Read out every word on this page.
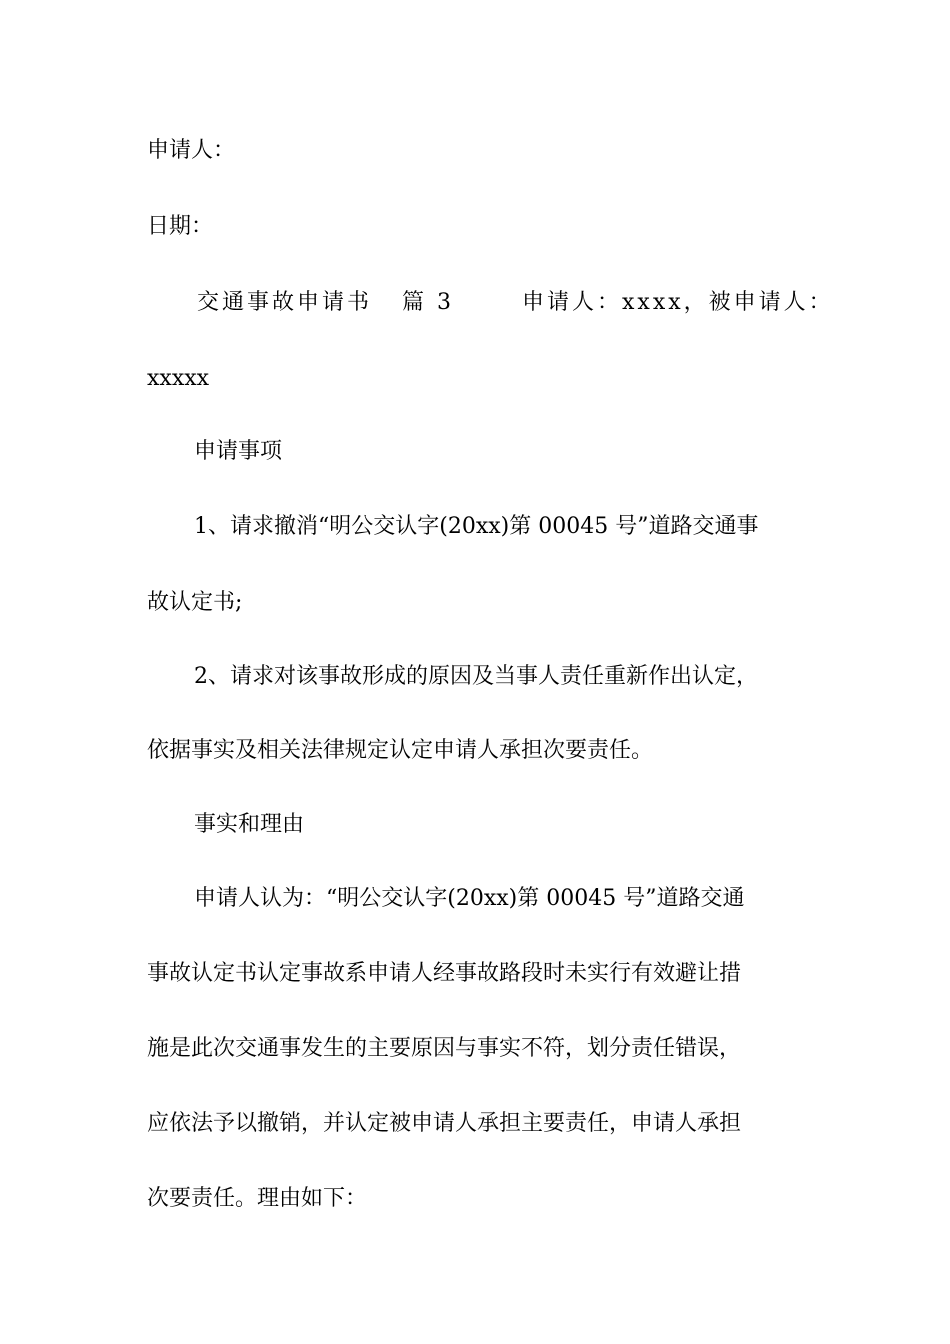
申请人：
日期：
交通事故申请书 篇 3	申请人：xxxx，被申请人：
xxxxx
申请事项
1、请求撤消“明公交认字(20xx)第 00045 号”道路交通事
故认定书;
2、请求对该事故形成的原因及当事人责任重新作出认定，
依据事实及相关法律规定认定申请人承担次要责任。
事实和理由
申请人认为：“明公交认字(20xx)第 00045 号”道路交通
事故认定书认定事故系申请人经事故路段时未实行有效避让措
施是此次交通事发生的主要原因与事实不符，划分责任错误，
应依法予以撤销，并认定被申请人承担主要责任，申请人承担
次要责任。理由如下：
